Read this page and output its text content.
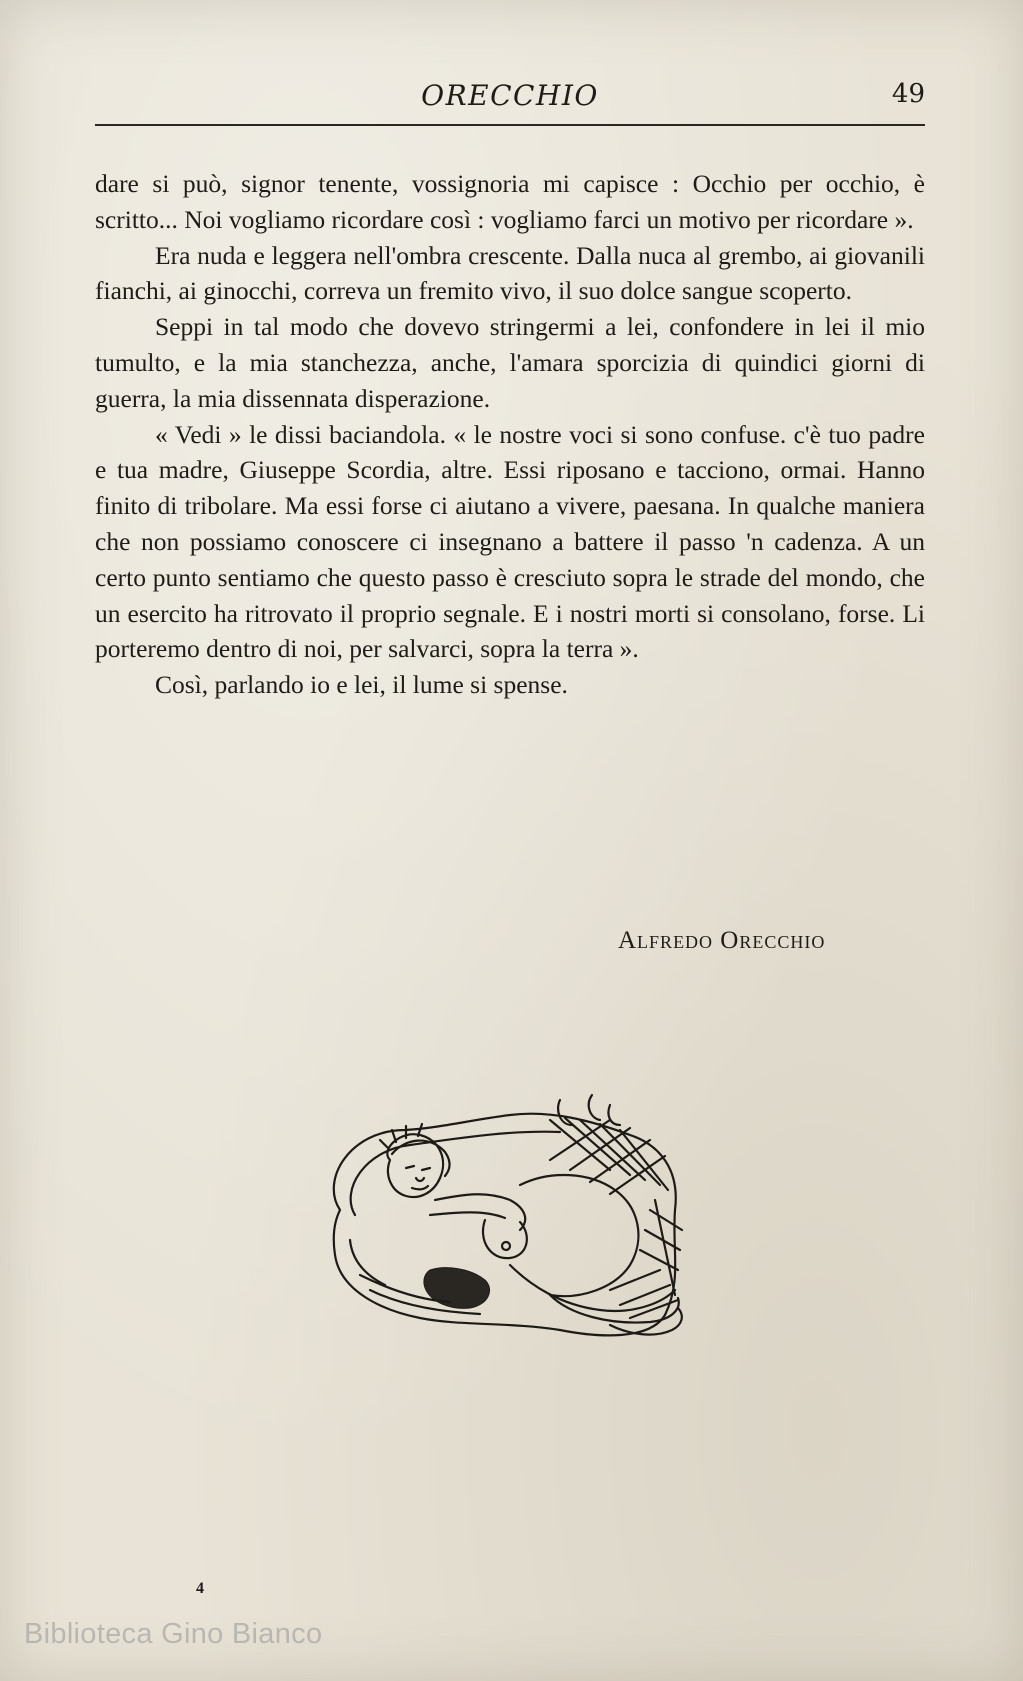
ORECCHIO	49

dare si può, signor tenente, vossignoria mi capisce : Occhio per occhio, è scritto... Noi vogliamo ricordare così : vogliamo farci un motivo per ricordare ».

Era nuda e leggera nell'ombra crescente. Dalla nuca al grembo, ai giovanili fianchi, ai ginocchi, correva un fremito vivo, il suo dolce sangue scoperto.

Seppi in tal modo che dovevo stringermi a lei, confondere in lei il mio tumulto, e la mia stanchezza, anche, l'amara sporcizia di quindici giorni di guerra, la mia dissennata disperazione.

« Vedi » le dissi baciandola. « le nostre voci si sono confuse. c'è tuo padre e tua madre, Giuseppe Scordia, altre. Essi riposano e tacciono, ormai. Hanno finito di tribolare. Ma essi forse ci aiutano a vivere, paesana. In qualche maniera che non possiamo conoscere ci insegnano a battere il passo 'n cadenza. A un certo punto sentiamo che questo passo è cresciuto sopra le strade del mondo, che un esercito ha ritrovato il proprio segnale. E i nostri morti si consolano, forse. Li porteremo dentro di noi, per salvarci, sopra la terra ».

Così, parlando io e lei, il lume si spense.

Alfredo Orecchio
4
Biblioteca Gino Bianco
